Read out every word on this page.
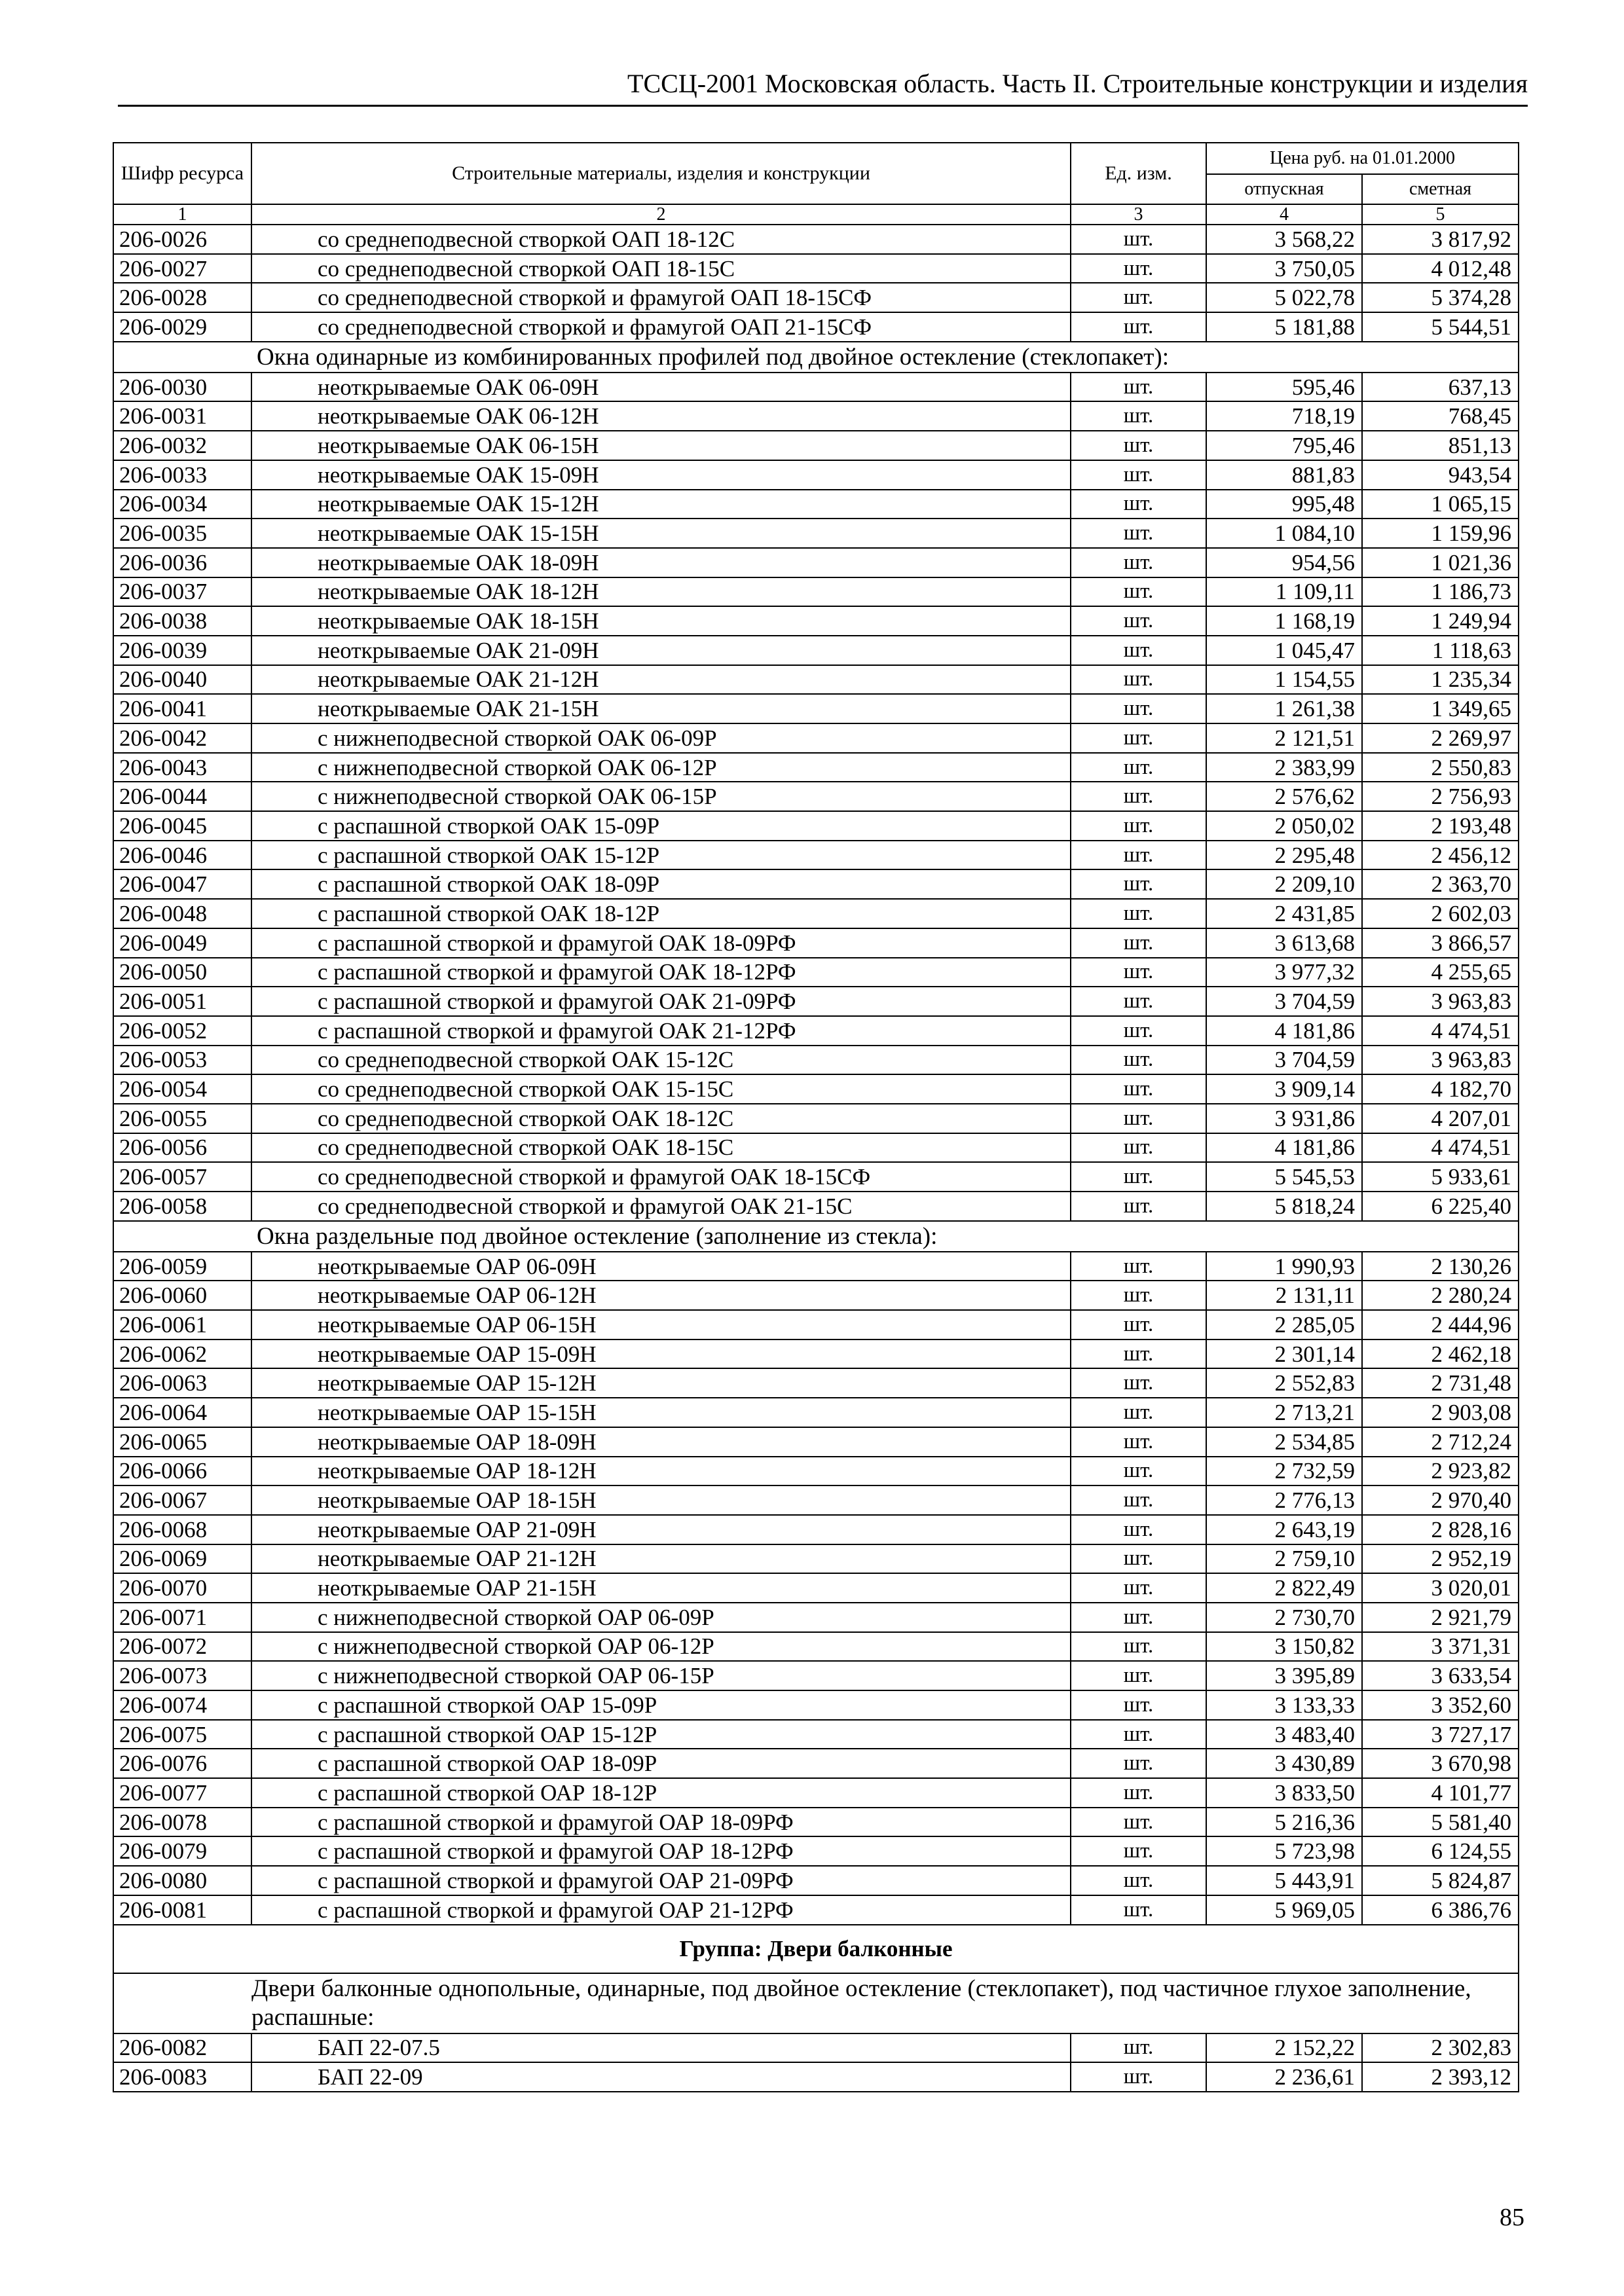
ТССЦ-2001 Московская область. Часть II. Строительные конструкции и изделия
Шифр ресурса	Строительные материалы, изделия и конструкции	Ед. изм.	Цена руб. на 01.01.2000	
			отпускная	сметная
1	2	3	4	5
206-0026	со среднеподвесной створкой ОАП 18-12С	шт.	3 568,22	3 817,92
206-0027	со среднеподвесной створкой ОАП 18-15С	шт.	3 750,05	4 012,48
206-0028	со среднеподвесной створкой и фрамугой ОАП 18-15СФ	шт.	5 022,78	5 374,28
206-0029	со среднеподвесной створкой и фрамугой ОАП 21-15СФ	шт.	5 181,88	5 544,51
	Окна одинарные из комбинированных профилей под двойное остекление (стеклопакет):			
206-0030	неоткрываемые ОАК 06-09Н	шт.	595,46	637,13
206-0031	неоткрываемые ОАК 06-12Н	шт.	718,19	768,45
206-0032	неоткрываемые ОАК 06-15Н	шт.	795,46	851,13
206-0033	неоткрываемые ОАК 15-09Н	шт.	881,83	943,54
206-0034	неоткрываемые ОАК 15-12Н	шт.	995,48	1 065,15
206-0035	неоткрываемые ОАК 15-15Н	шт.	1 084,10	1 159,96
206-0036	неоткрываемые ОАК 18-09Н	шт.	954,56	1 021,36
206-0037	неоткрываемые ОАК 18-12Н	шт.	1 109,11	1 186,73
206-0038	неоткрываемые ОАК 18-15Н	шт.	1 168,19	1 249,94
206-0039	неоткрываемые ОАК 21-09Н	шт.	1 045,47	1 118,63
206-0040	неоткрываемые ОАК 21-12Н	шт.	1 154,55	1 235,34
206-0041	неоткрываемые ОАК 21-15Н	шт.	1 261,38	1 349,65
206-0042	с нижнеподвесной створкой ОАК 06-09Р	шт.	2 121,51	2 269,97
206-0043	с нижнеподвесной створкой ОАК 06-12Р	шт.	2 383,99	2 550,83
206-0044	с нижнеподвесной створкой ОАК 06-15Р	шт.	2 576,62	2 756,93
206-0045	с распашной створкой ОАК 15-09Р	шт.	2 050,02	2 193,48
206-0046	с распашной створкой ОАК 15-12Р	шт.	2 295,48	2 456,12
206-0047	с распашной створкой ОАК 18-09Р	шт.	2 209,10	2 363,70
206-0048	с распашной створкой ОАК 18-12Р	шт.	2 431,85	2 602,03
206-0049	с распашной створкой и фрамугой ОАК 18-09РФ	шт.	3 613,68	3 866,57
206-0050	с распашной створкой и фрамугой ОАК 18-12РФ	шт.	3 977,32	4 255,65
206-0051	с распашной створкой и фрамугой ОАК 21-09РФ	шт.	3 704,59	3 963,83
206-0052	с распашной створкой и фрамугой ОАК 21-12РФ	шт.	4 181,86	4 474,51
206-0053	со среднеподвесной створкой ОАК 15-12С	шт.	3 704,59	3 963,83
206-0054	со среднеподвесной створкой ОАК 15-15С	шт.	3 909,14	4 182,70
206-0055	со среднеподвесной створкой ОАК 18-12С	шт.	3 931,86	4 207,01
206-0056	со среднеподвесной створкой ОАК 18-15С	шт.	4 181,86	4 474,51
206-0057	со среднеподвесной створкой и фрамугой ОАК 18-15СФ	шт.	5 545,53	5 933,61
206-0058	со среднеподвесной створкой и фрамугой ОАК 21-15С	шт.	5 818,24	6 225,40
	Окна раздельные под двойное остекление (заполнение из стекла):			
206-0059	неоткрываемые ОАР 06-09Н	шт.	1 990,93	2 130,26
206-0060	неоткрываемые ОАР 06-12Н	шт.	2 131,11	2 280,24
206-0061	неоткрываемые ОАР 06-15Н	шт.	2 285,05	2 444,96
206-0062	неоткрываемые ОАР 15-09Н	шт.	2 301,14	2 462,18
206-0063	неоткрываемые ОАР 15-12Н	шт.	2 552,83	2 731,48
206-0064	неоткрываемые ОАР 15-15Н	шт.	2 713,21	2 903,08
206-0065	неоткрываемые ОАР 18-09Н	шт.	2 534,85	2 712,24
206-0066	неоткрываемые ОАР 18-12Н	шт.	2 732,59	2 923,82
206-0067	неоткрываемые ОАР 18-15Н	шт.	2 776,13	2 970,40
206-0068	неоткрываемые ОАР 21-09Н	шт.	2 643,19	2 828,16
206-0069	неоткрываемые ОАР 21-12Н	шт.	2 759,10	2 952,19
206-0070	неоткрываемые ОАР 21-15Н	шт.	2 822,49	3 020,01
206-0071	с нижнеподвесной створкой ОАР 06-09Р	шт.	2 730,70	2 921,79
206-0072	с нижнеподвесной створкой ОАР 06-12Р	шт.	3 150,82	3 371,31
206-0073	с нижнеподвесной створкой ОАР 06-15Р	шт.	3 395,89	3 633,54
206-0074	с распашной створкой ОАР 15-09Р	шт.	3 133,33	3 352,60
206-0075	с распашной створкой ОАР 15-12Р	шт.	3 483,40	3 727,17
206-0076	с распашной створкой ОАР 18-09Р	шт.	3 430,89	3 670,98
206-0077	с распашной створкой ОАР 18-12Р	шт.	3 833,50	4 101,77
206-0078	с распашной створкой и фрамугой ОАР 18-09РФ	шт.	5 216,36	5 581,40
206-0079	с распашной створкой и фрамугой ОАР 18-12РФ	шт.	5 723,98	6 124,55
206-0080	с распашной створкой и фрамугой ОАР 21-09РФ	шт.	5 443,91	5 824,87
206-0081	с распашной створкой и фрамугой ОАР 21-12РФ	шт.	5 969,05	6 386,76
Группа: Двери балконные				
	Двери балконные однопольные, одинарные, под двойное остекление (стеклопакет), под частичное глухое заполнение, распашные:			
206-0082	БАП 22-07.5	шт.	2 152,22	2 302,83
206-0083	БАП 22-09	шт.	2 236,61	2 393,12
85
